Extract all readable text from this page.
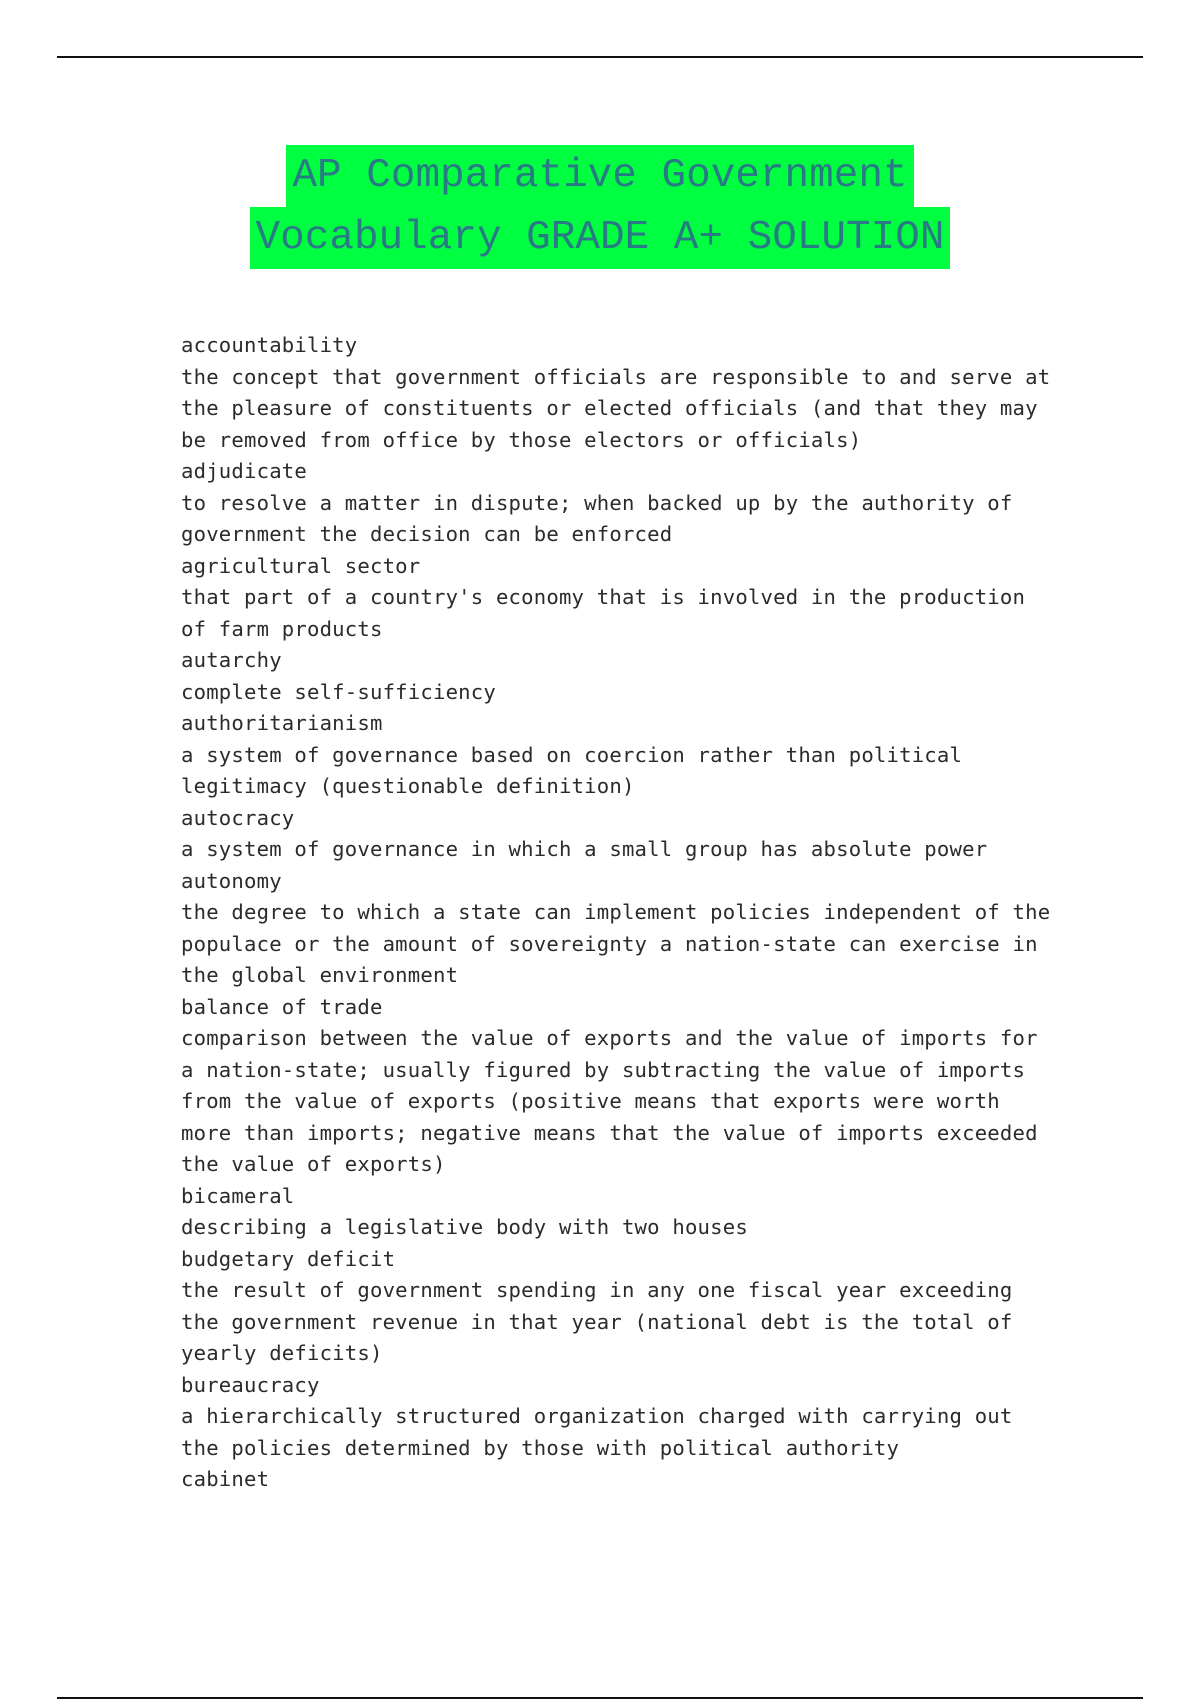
AP Comparative Government
Vocabulary GRADE A+ SOLUTION
accountability
the concept that government officials are responsible to and serve at
the pleasure of constituents or elected officials (and that they may
be removed from office by those electors or officials)
adjudicate
to resolve a matter in dispute; when backed up by the authority of
government the decision can be enforced
agricultural sector
that part of a country's economy that is involved in the production
of farm products
autarchy
complete self-sufficiency
authoritarianism
a system of governance based on coercion rather than political
legitimacy (questionable definition)
autocracy
a system of governance in which a small group has absolute power
autonomy
the degree to which a state can implement policies independent of the
populace or the amount of sovereignty a nation-state can exercise in
the global environment
balance of trade
comparison between the value of exports and the value of imports for
a nation-state; usually figured by subtracting the value of imports
from the value of exports (positive means that exports were worth
more than imports; negative means that the value of imports exceeded
the value of exports)
bicameral
describing a legislative body with two houses
budgetary deficit
the result of government spending in any one fiscal year exceeding
the government revenue in that year (national debt is the total of
yearly deficits)
bureaucracy
a hierarchically structured organization charged with carrying out
the policies determined by those with political authority
cabinet
